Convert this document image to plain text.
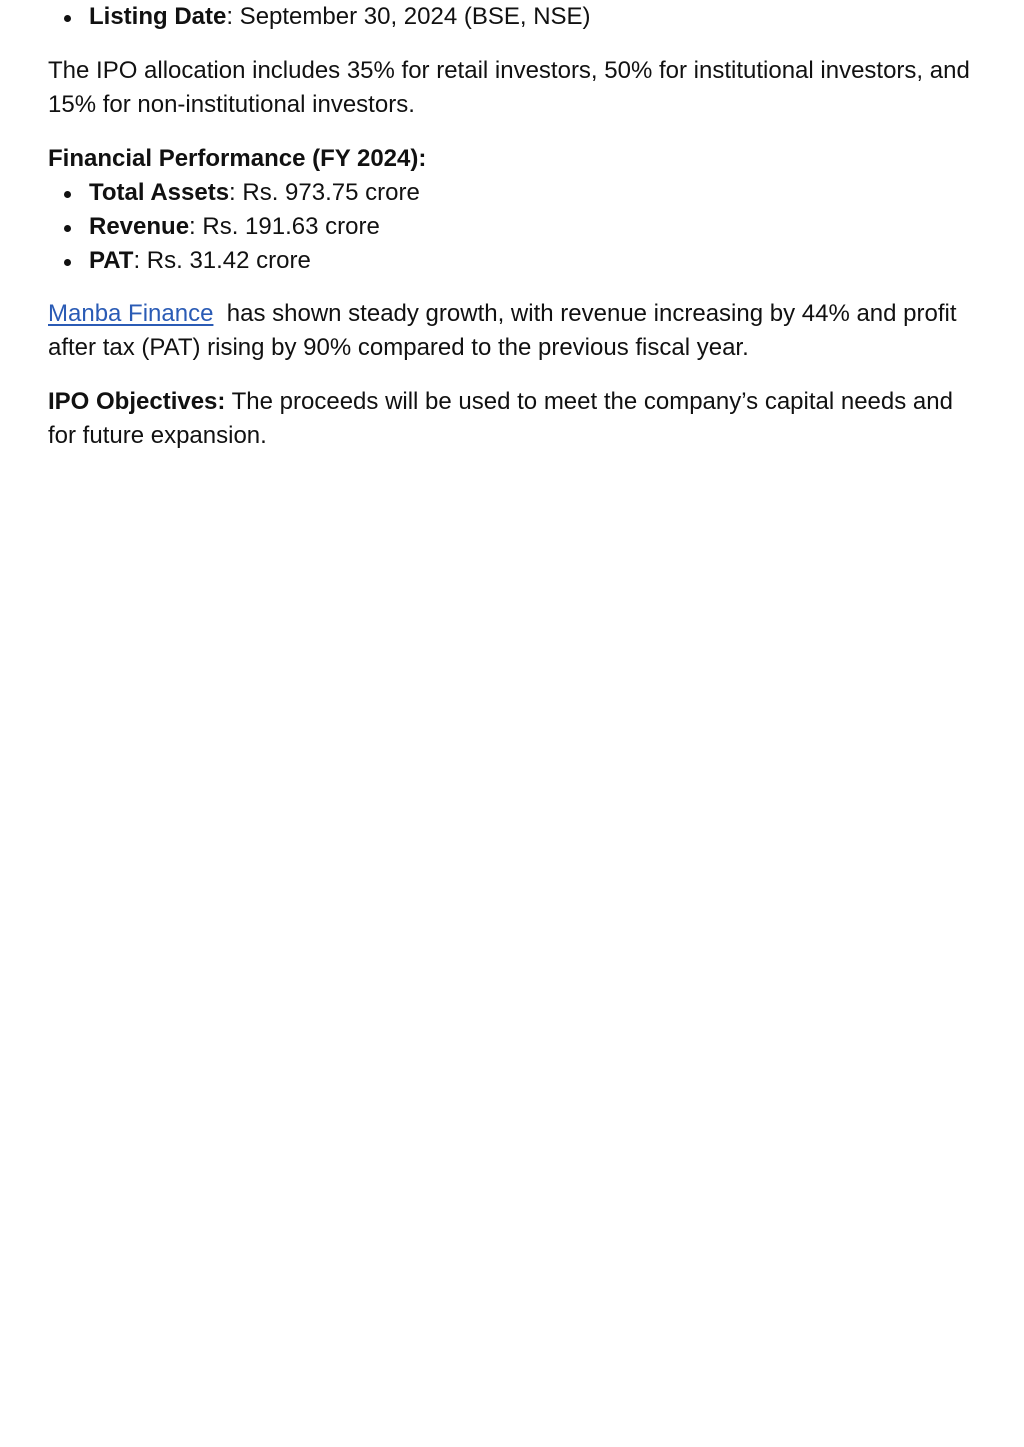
Listing Date: September 30, 2024 (BSE, NSE)

The IPO allocation includes 35% for retail investors, 50% for institutional investors, and 15% for non-institutional investors.

Financial Performance (FY 2024):

Total Assets: Rs. 973.75 crore
Revenue: Rs. 191.63 crore
PAT: Rs. 31.42 crore

Manba Finance  has shown steady growth, with revenue increasing by 44% and profit after tax (PAT) rising by 90% compared to the previous fiscal year.

IPO Objectives: The proceeds will be used to meet the company’s capital needs and for future expansion.
